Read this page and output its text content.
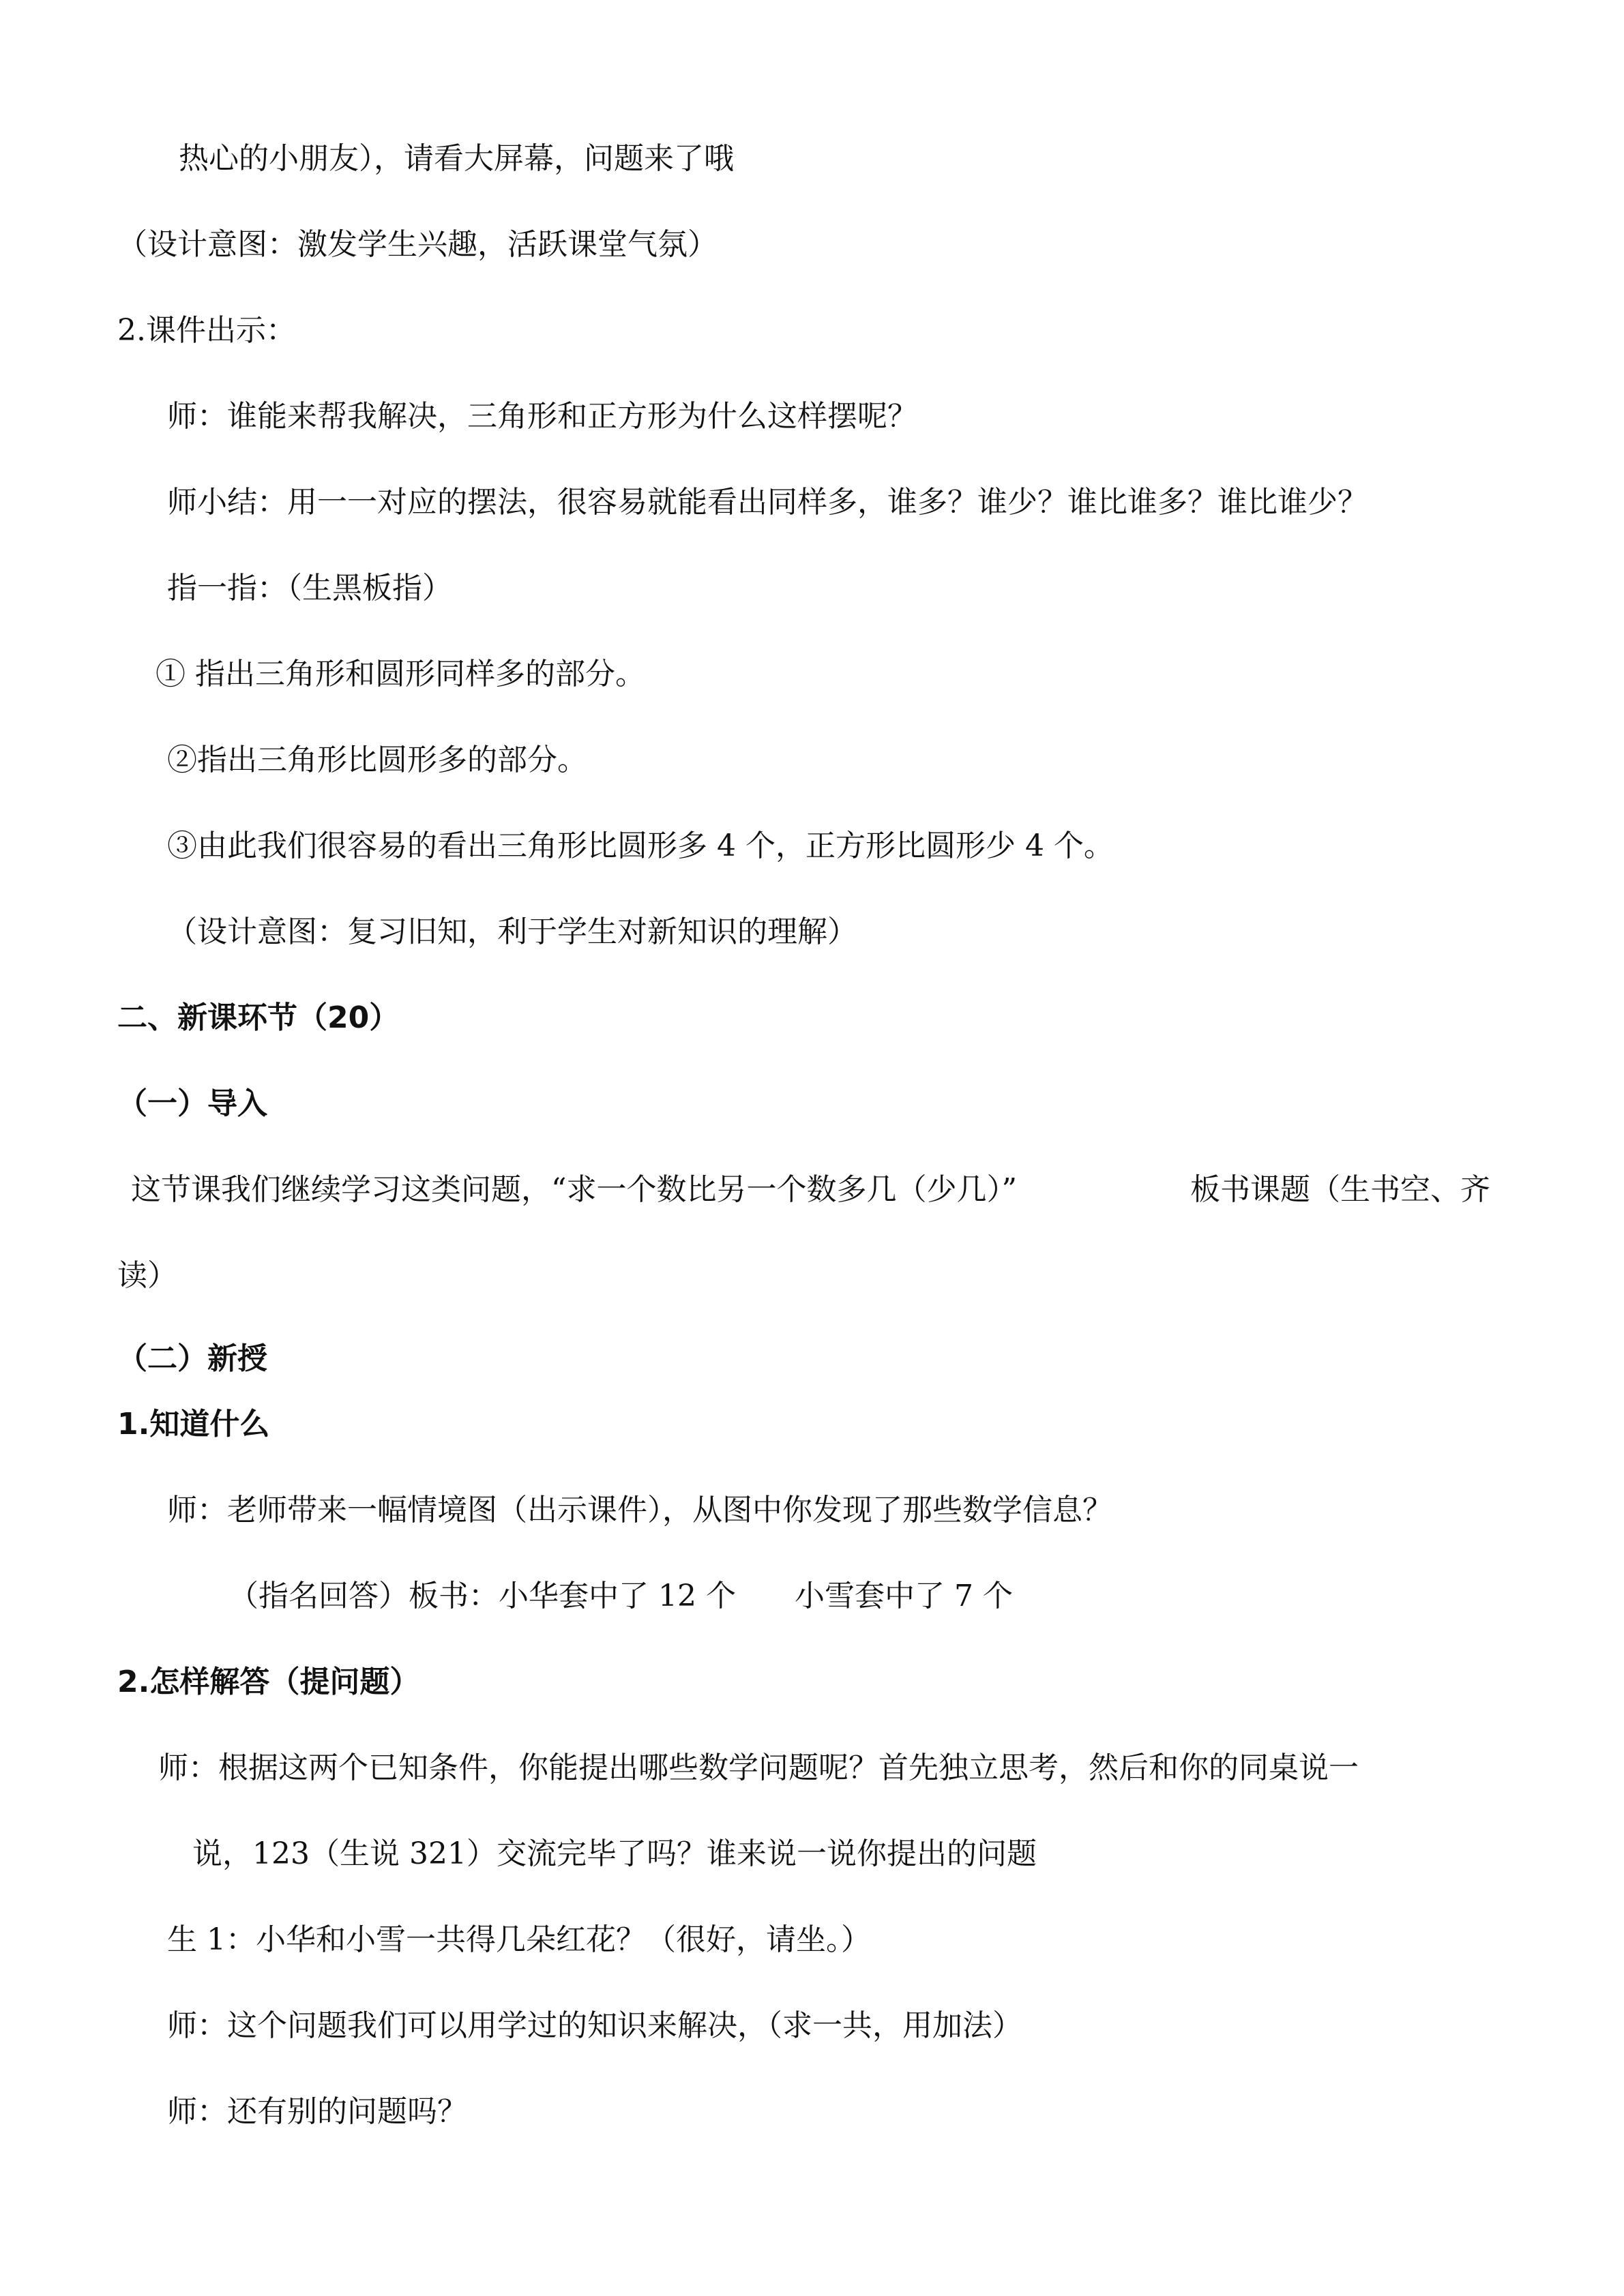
热心的小朋友），请看大屏幕，问题来了哦

（设计意图：激发学生兴趣，活跃课堂气氛）

2.课件出示：

师：谁能来帮我解决，三角形和正方形为什么这样摆呢？

师小结：用一一对应的摆法，很容易就能看出同样多，谁多？谁少？谁比谁多？谁比谁少？

指一指：（生黑板指）

① 指出三角形和圆形同样多的部分。

②指出三角形比圆形多的部分。

③由此我们很容易的看出三角形比圆形多 4 个，正方形比圆形少 4 个。

（设计意图：复习旧知，利于学生对新知识的理解）

二、新课环节（20）

（一）导入

这节课我们继续学习这类问题，“求一个数比另一个数多几（少几）”	板书课题（生书空、齐

读）

（二）新授

1.知道什么

师：老师带来一幅情境图（出示课件），从图中你发现了那些数学信息？

（指名回答）板书：小华套中了 12 个 小雪套中了 7 个

2.怎样解答（提问题）

师：根据这两个已知条件，你能提出哪些数学问题呢？首先独立思考，然后和你的同桌说一

说，123（生说 321）交流完毕了吗？谁来说一说你提出的问题

生 1：小华和小雪一共得几朵红花？（很好，请坐。）

师：这个问题我们可以用学过的知识来解决，（求一共，用加法）

师：还有别的问题吗？
